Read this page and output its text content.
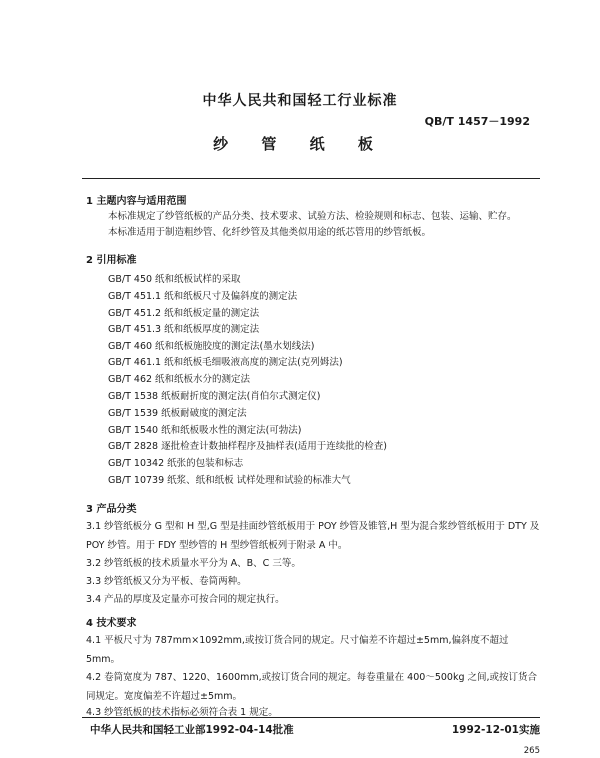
中华人民共和国轻工行业标准
QB/T 1457－1992
纱 管 纸 板
1 主题内容与适用范围
本标准规定了纱管纸板的产品分类、技术要求、试验方法、检验规则和标志、包装、运输、贮存。
本标准适用于制造粗纱管、化纤纱管及其他类似用途的纸芯管用的纱管纸板。
2 引用标准
GB/T 450 纸和纸板试样的采取
GB/T 451.1 纸和纸板尺寸及偏斜度的测定法
GB/T 451.2 纸和纸板定量的测定法
GB/T 451.3 纸和纸板厚度的测定法
GB/T 460 纸和纸板施胶度的测定法(墨水划线法)
GB/T 461.1 纸和纸板毛细吸液高度的测定法(克列姆法)
GB/T 462 纸和纸板水分的测定法
GB/T 1538 纸板耐折度的测定法(肖伯尔式测定仪)
GB/T 1539 纸板耐破度的测定法
GB/T 1540 纸和纸板吸水性的测定法(可勃法)
GB/T 2828 逐批检查计数抽样程序及抽样表(适用于连续批的检查)
GB/T 10342 纸张的包装和标志
GB/T 10739 纸浆、纸和纸板 试样处理和试验的标准大气
3 产品分类
3.1 纱管纸板分 G 型和 H 型,G 型是挂面纱管纸板用于 POY 纱管及锥管,H 型为混合浆纱管纸板用于 DTY 及 POY 纱管。用于 FDY 型纱管的 H 型纱管纸板列于附录 A 中。
3.2 纱管纸板的技术质量水平分为 A、B、C 三等。
3.3 纱管纸板又分为平板、卷筒两种。
3.4 产品的厚度及定量亦可按合同的规定执行。
4 技术要求
4.1 平板尺寸为 787mm×1092mm,或按订货合同的规定。尺寸偏差不许超过±5mm,偏斜度不超过5mm。
4.2 卷筒宽度为 787、1220、1600mm,或按订货合同的规定。每卷重量在 400～500kg 之间,或按订货合同规定。宽度偏差不许超过±5mm。
4.3 纱管纸板的技术指标必须符合表 1 规定。
中华人民共和国轻工业部1992-04-14批准	1992-12-01实施
265
